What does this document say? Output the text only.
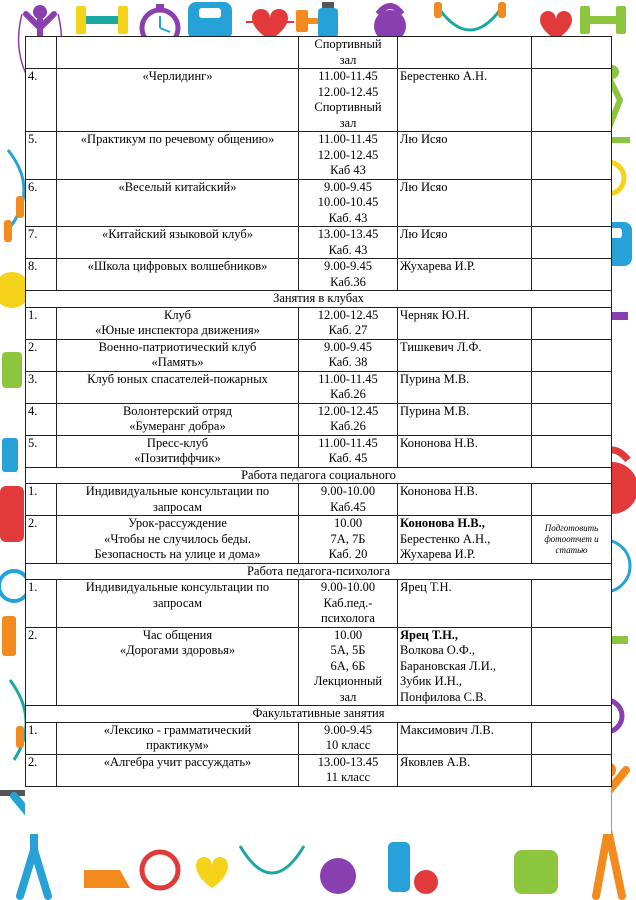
		Спортивный
зал		

4.	«Черлидинг»	11.00-11.45
12.00-12.45
Спортивный
зал	Берестенко А.Н.	

5.	«Практикум по речевому общению»	11.00-11.45
12.00-12.45
Каб 43	Лю Исяо	

6.	«Веселый китайский»	9.00-9.45
10.00-10.45
Каб. 43	Лю Исяо	

7.	«Китайский языковой клуб»	13.00-13.45
Каб. 43	Лю Исяо	

8.	«Школа цифровых волшебников»	9.00-9.45
Каб.36	Жухарева И.Р.	

Занятия в клубах				
1.	Клуб
«Юные инспектора движения»	12.00-12.45
Каб. 27	Черняк Ю.Н.	

2.	Военно-патриотический клуб
«Память»	9.00-9.45
Каб. 38	Тишкевич Л.Ф.	

3.	Клуб юных спасателей-пожарных	11.00-11.45
Каб.26	Пурина М.В.	

4.	Волонтерский отряд
«Бумеранг добра»	12.00-12.45
Каб.26	Пурина М.В.	

5.	Пресс-клуб
«Позитиффчик»	11.00-11.45
Каб. 45	Кононова Н.В.	

Работа педагога социального				
1.	Индивидуальные консультации по
запросам	9.00-10.00
Каб.45	Кононова Н.В.	

2.	Урок-рассуждение
«Чтобы не случилось беды.
Безопасность на улице и дома»	10.00
7А, 7Б
Каб. 20	Кононова Н.В.,
Берестенко А.Н.,
Жухарева И.Р.	Подготовить фотоотчет и статью
Работа педагога-психолога				
1.	Индивидуальные консультации по
запросам	9.00-10.00
Каб.пед.-
психолога	Ярец Т.Н.	

2.	Час общения
«Дорогами здоровья»	10.00
5А, 5Б
6А, 6Б
Лекционный
зал	Ярец Т.Н.,
Волкова О.Ф.,
Барановская Л.И.,
Зубик И.Н.,
Понфилова С.В.	

Факультативные занятия				
1.	«Лексико - грамматический
практикум»	9.00-9.45
10 класс	Максимович Л.В.	

2.	«Алгебра учит рассуждать»	13.00-13.45
11 класс	Яковлев А.В.	
